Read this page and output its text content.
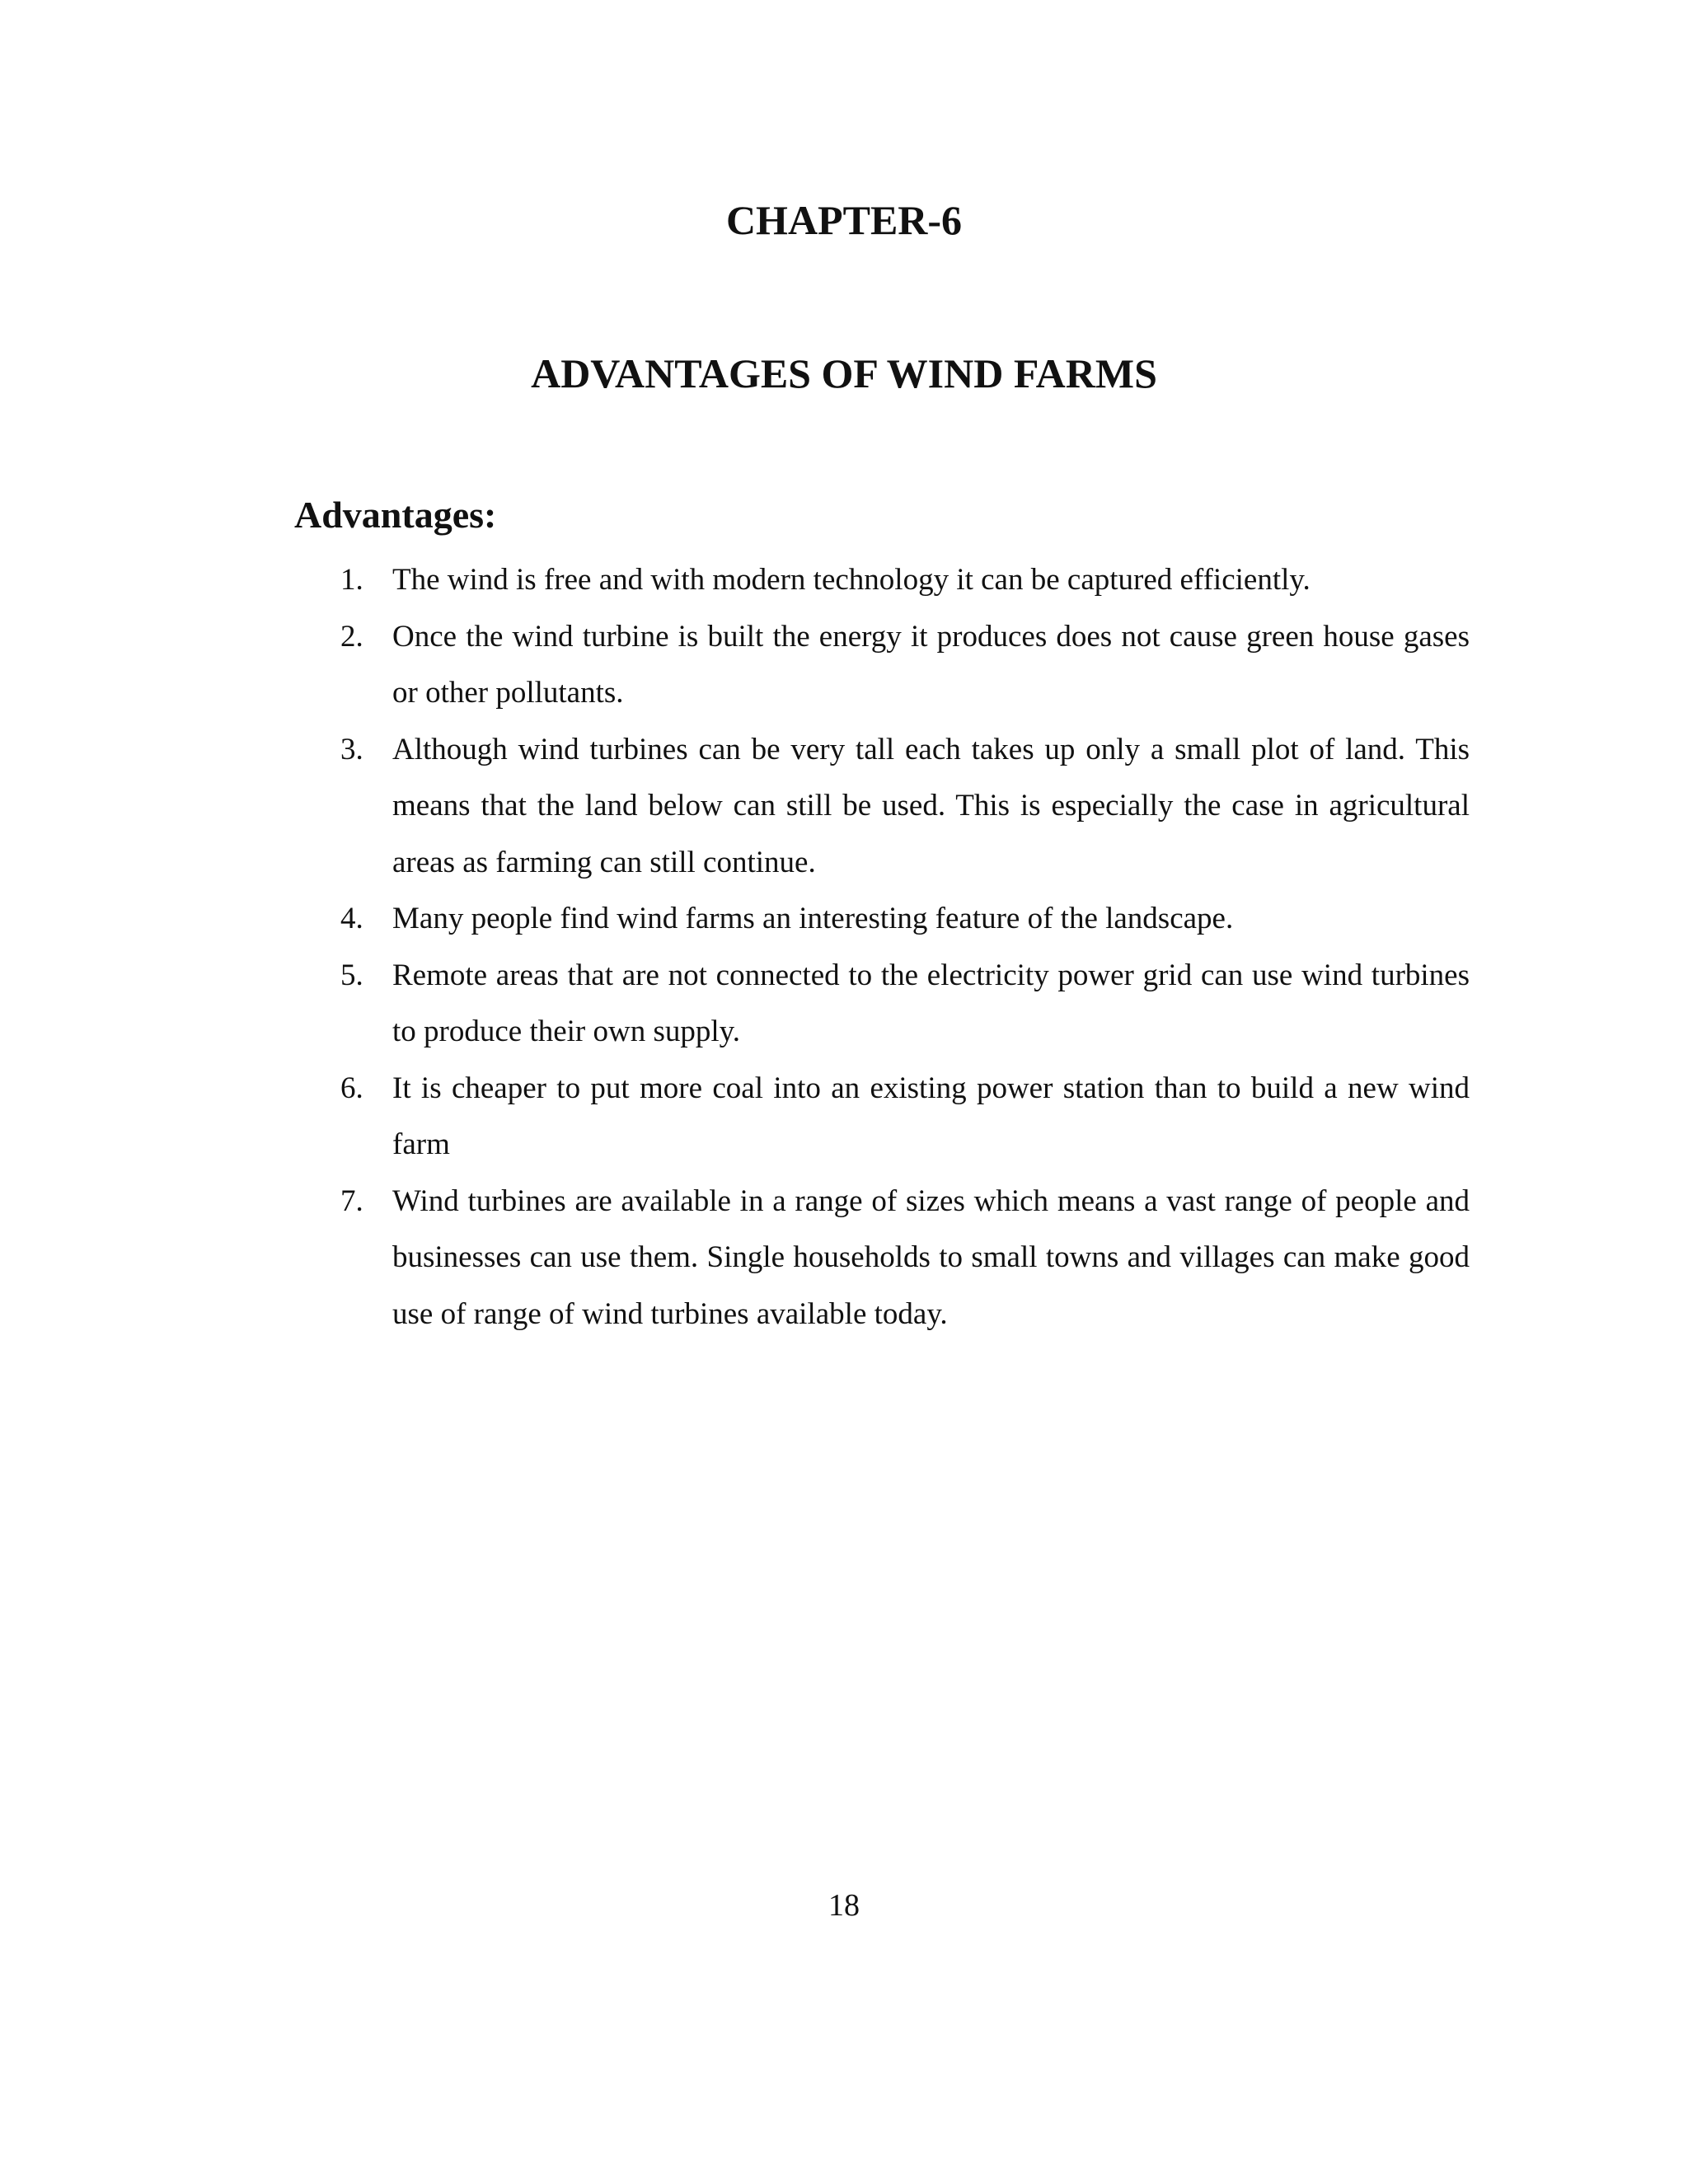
CHAPTER-6
ADVANTAGES OF WIND FARMS
Advantages:
1. The wind is free and with modern technology it can be captured efficiently.
2. Once the wind turbine is built the energy it produces does not cause green house gases or other pollutants.
3. Although wind turbines can be very tall each takes up only a small plot of land. This means that the land below can still be used. This is especially the case in agricultural areas as farming can still continue.
4. Many people find wind farms an interesting feature of the landscape.
5. Remote areas that are not connected to the electricity power grid can use wind turbines to produce their own supply.
6. It is cheaper to put more coal into an existing power station than to build a new wind farm
7. Wind turbines are available in a range of sizes which means a vast range of people and businesses can use them. Single households to small towns and villages can make good use of range of wind turbines available today.
18
